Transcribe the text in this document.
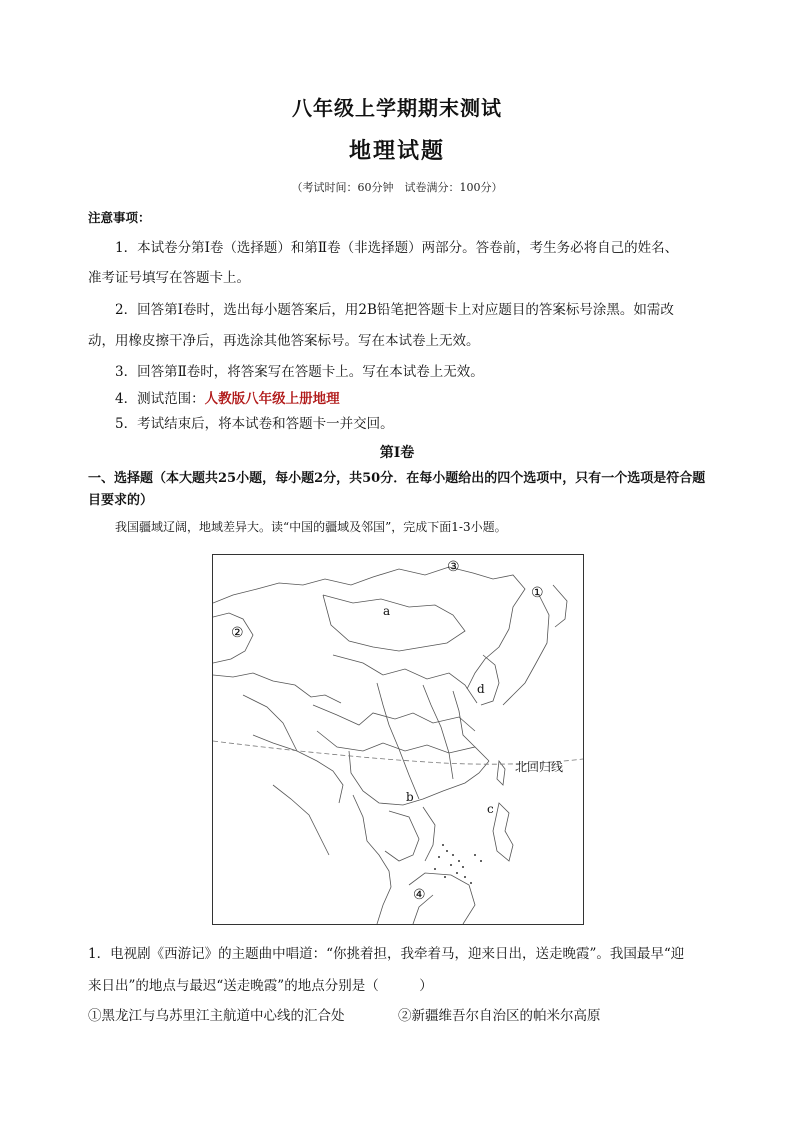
八年级上学期期末测试
地理试题
（考试时间：60分钟　试卷满分：100分）
注意事项：
1．本试卷分第Ⅰ卷（选择题）和第Ⅱ卷（非选择题）两部分。答卷前，考生务必将自己的姓名、
准考证号填写在答题卡上。
2．回答第Ⅰ卷时，选出每小题答案后，用2B铅笔把答题卡上对应题目的答案标号涂黑。如需改
动，用橡皮擦干净后，再选涂其他答案标号。写在本试卷上无效。
3．回答第Ⅱ卷时，将答案写在答题卡上。写在本试卷上无效。
4．测试范围：人教版八年级上册地理
5．考试结束后，将本试卷和答题卡一并交回。
第Ⅰ卷
一、选择题（本大题共25小题，每小题2分，共50分．在每小题给出的四个选项中，只有一个选项是符合题目要求的）
我国疆域辽阔，地域差异大。读“中国的疆域及邻国”，完成下面1-3小题。
a
b
c
d
①
②
③
④
北回归线
1．电视剧《西游记》的主题曲中唱道：“你挑着担，我牵着马，迎来日出，送走晚霞”。我国最早“迎
来日出”的地点与最迟“送走晚霞”的地点分别是（　　　）
①黑龙江与乌苏里江主航道中心线的汇合处	②新疆维吾尔自治区的帕米尔高原
